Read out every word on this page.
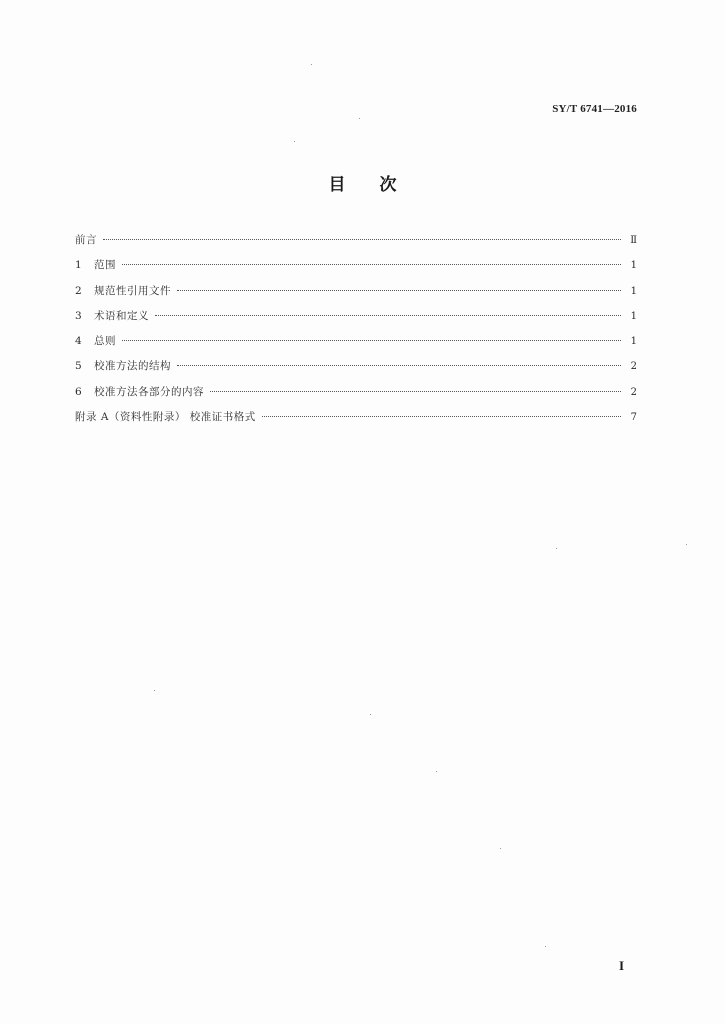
SY/T 6741—2016
目次
前言	Ⅱ
1	范围	1
2	规范性引用文件	1
3	术语和定义	1
4	总则	1
5	校准方法的结构	2
6	校准方法各部分的内容	2
附录 A（资料性附录） 校准证书格式	7
I
